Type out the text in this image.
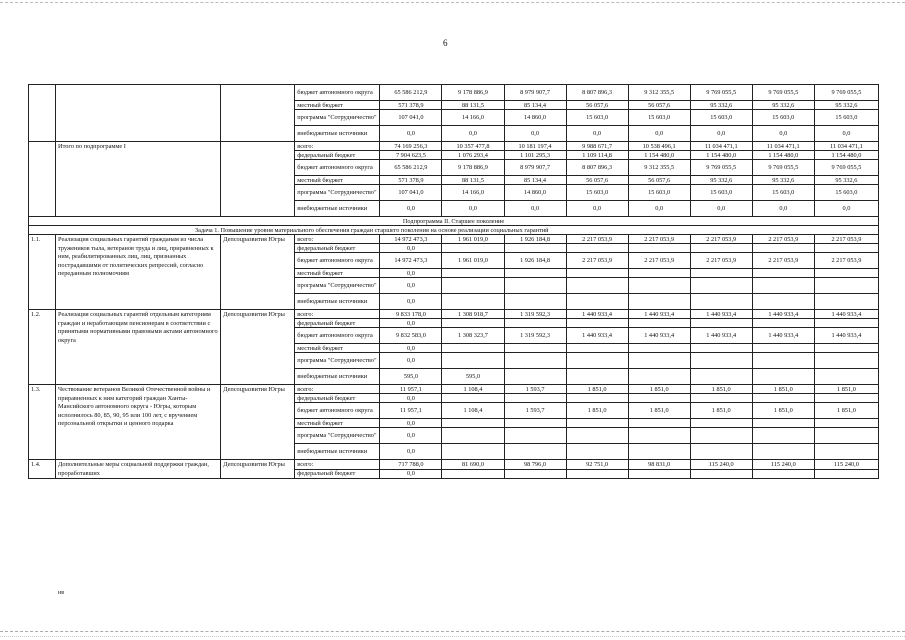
6
			бюджет автономного округа	65 586 212,9	9 178 886,9	8 979 907,7	8 807 896,3	9 312 355,5	9 769 055,5	9 769 055,5	9 769 055,5
			местный бюджет	571 378,9	88 131,5	85 134,4	56 057,6	56 057,6	95 332,6	95 332,6	95 332,6
			программа "Сотрудничество"	107 041,0	14 166,0	14 860,0	15 603,0	15 603,0	15 603,0	15 603,0	15 603,0
			внебюджетные источники	0,0	0,0	0,0	0,0	0,0	0,0	0,0	0,0
	Итого по подпрограмме I		всего:	74 169 256,3	10 357 477,8	10 181 197,4	9 988 671,7	10 538 496,1	11 034 471,1	11 034 471,1	11 034 471,1
			федеральный бюджет	7 904 623,5	1 076 293,4	1 101 295,3	1 109 114,8	1 154 480,0	1 154 480,0	1 154 480,0	1 154 480,0
			бюджет автономного округа	65 586 212,9	9 178 886,9	8 979 907,7	8 807 896,3	9 312 355,5	9 769 055,5	9 769 055,5	9 769 055,5
			местный бюджет	571 378,9	88 131,5	85 134,4	56 057,6	56 057,6	95 332,6	95 332,6	95 332,6
			программа "Сотрудничество"	107 041,0	14 166,0	14 860,0	15 603,0	15 603,0	15 603,0	15 603,0	15 603,0
			внебюджетные источники	0,0	0,0	0,0	0,0	0,0	0,0	0,0	0,0
Подпрограмма II. Старшее поколение											
Задача 1. Повышение уровня материального обеспечения граждан старшего поколения на основе реализации социальных гарантий											
1.1.	Реализация социальных гарантий гражданам из числа тружеников тыла, ветеранов труда и лиц, приравненных к ним, реабилитированных лиц, лиц, признанных пострадавшими от политических репрессий, согласно переданным полномочиям	Депсоцразвития Югры	всего:	14 972 473,3	1 961 019,0	1 926 184,8	2 217 053,9	2 217 053,9	2 217 053,9	2 217 053,9	2 217 053,9
			федеральный бюджет	0,0							
			бюджет автономного округа	14 972 473,3	1 961 019,0	1 926 184,8	2 217 053,9	2 217 053,9	2 217 053,9	2 217 053,9	2 217 053,9
			местный бюджет	0,0							
			программа "Сотрудничество"	0,0							
			внебюджетные источники	0,0							
1.2.	Реализация социальных гарантий отдельным категориям граждан и неработающим пенсионерам в соответствии с принятыми нормативными правовыми актами автономного округа	Депсоцразвития Югры	всего:	9 833 178,0	1 308 918,7	1 319 592,3	1 440 933,4	1 440 933,4	1 440 933,4	1 440 933,4	1 440 933,4
			федеральный бюджет	0,0							
			бюджет автономного округа	9 832 583,0	1 308 323,7	1 319 592,3	1 440 933,4	1 440 933,4	1 440 933,4	1 440 933,4	1 440 933,4
			местный бюджет	0,0							
			программа "Сотрудничество"	0,0							
			внебюджетные источники	595,0	595,0						
1.3.	Чествование ветеранов Великой Отечественной войны и приравненных к ним категорий граждан Ханты-Мансийского автономного округа - Югры, которым исполнилось 80, 85, 90, 95 или 100 лет, с вручением персональной открытки и ценного подарка	Депсоцразвития Югры	всего:	11 957,1	1 108,4	1 593,7	1 851,0	1 851,0	1 851,0	1 851,0	1 851,0
			федеральный бюджет	0,0							
			бюджет автономного округа	11 957,1	1 108,4	1 593,7	1 851,0	1 851,0	1 851,0	1 851,0	1 851,0
			местный бюджет	0,0							
			программа "Сотрудничество"	0,0							
			внебюджетные источники	0,0							
1.4.	Дополнительные меры социальной поддержки граждан, проработавших	Депсоцразвития Югры	всего:	717 788,0	81 690,0	98 796,0	92 751,0	98 831,0	115 240,0	115 240,0	115 240,0
			федеральный бюджет	0,0							
нв
